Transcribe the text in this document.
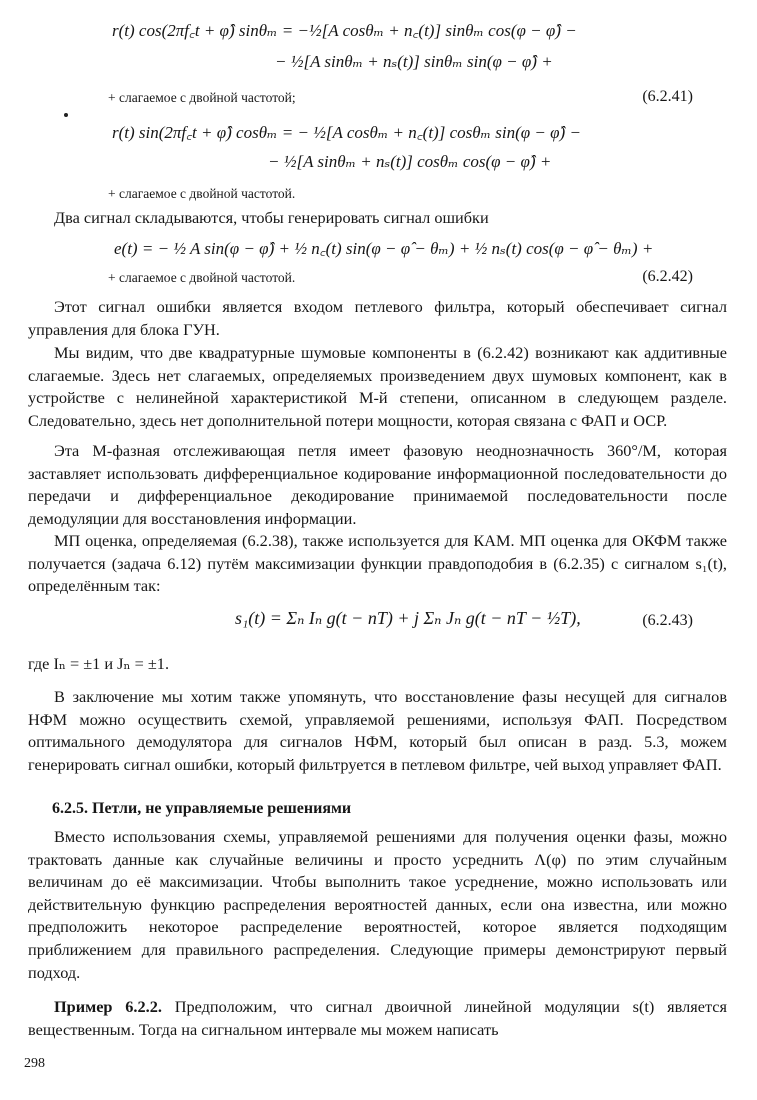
r(t) cos(2πf꜀t + φ̂) sinθₘ = −½[A cosθₘ + n꜀(t)] sinθₘ cos(φ − φ̂) −
− ½[A sinθₘ + nₛ(t)] sinθₘ sin(φ − φ̂) +
+ слагаемое с двойной частотой;	(6.2.41)
r(t) sin(2πf꜀t + φ̂) cosθₘ = − ½[A cosθₘ + n꜀(t)] cosθₘ sin(φ − φ̂) −
− ½[A sinθₘ + nₛ(t)] cosθₘ cos(φ − φ̂) +
+ слагаемое с двойной частотой.
Два сигнал складываются, чтобы генерировать сигнал ошибки
e(t) = − ½ A sin(φ − φ̂) + ½ n꜀(t) sin(φ − φ̂ − θₘ) + ½ nₛ(t) cos(φ − φ̂ − θₘ) +
+ слагаемое с двойной частотой.	(6.2.42)
Этот сигнал ошибки является входом петлевого фильтра, который обеспечивает сигнал управления для блока ГУН.
Мы видим, что две квадратурные шумовые компоненты в (6.2.42) возникают как аддитивные слагаемые. Здесь нет слагаемых, определяемых произведением двух шумовых компонент, как в устройстве с нелинейной характеристикой M-й степени, описанном в следующем разделе. Следовательно, здесь нет дополнительной потери мощности, которая связана с ФАП и ОСР.
Эта M-фазная отслеживающая петля имеет фазовую неоднозначность 360°/M, которая заставляет использовать дифференциальное кодирование информационной последовательности до передачи и дифференциальное декодирование принимаемой последовательности после демодуляции для восстановления информации.
МП оценка, определяемая (6.2.38), также используется для КАМ. МП оценка для ОКФМ также получается (задача 6.12) путём максимизации функции правдоподобия в (6.2.35) с сигналом s₁(t), определённым так:
s₁(t) = Σₙ Iₙ g(t − nT) + j Σₙ Jₙ g(t − nT − ½T),	(6.2.43)
где Iₙ = ±1 и Jₙ = ±1.
В заключение мы хотим также упомянуть, что восстановление фазы несущей для сигналов НФМ можно осуществить схемой, управляемой решениями, используя ФАП. Посредством оптимального демодулятора для сигналов НФМ, который был описан в разд. 5.3, можем генерировать сигнал ошибки, который фильтруется в петлевом фильтре, чей выход управляет ФАП.
6.2.5. Петли, не управляемые решениями
Вместо использования схемы, управляемой решениями для получения оценки фазы, можно трактовать данные как случайные величины и просто усреднить Λ(φ) по этим случайным величинам до её максимизации. Чтобы выполнить такое усреднение, можно использовать или действительную функцию распределения вероятностей данных, если она известна, или можно предположить некоторое распределение вероятностей, которое является подходящим приближением для правильного распределения. Следующие примеры демонстрируют первый подход.
Пример 6.2.2. Предположим, что сигнал двоичной линейной модуляции s(t) является вещественным. Тогда на сигнальном интервале мы можем написать
298
